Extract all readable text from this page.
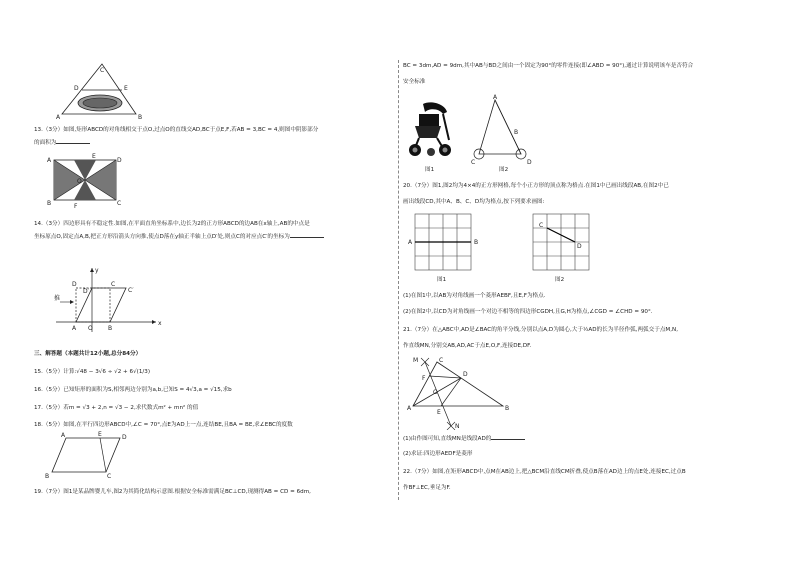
C
D	E
A	B
13.（3分）如图,矩形ABCD的对角线相交于点O,过点O的直线交AD,BC于点E,F,若AB = 3,BC = 4,则图中阴影部分
的面积为
A	D
B	C
E
F
O
14.（3分）四边形具有不稳定性.如图,在平面直角坐标系中,边长为2的正方形ABCD的边AB在x轴上,AB的中点是
坐标原点O,固定点A,B,把正方形沿箭头方向推,使点D落在y轴正半轴上点D′处,则点C的对应点C′的坐标为
推
x
y
A	B
O
D	C
D′	C′
三、解答题（本题共计12小题,总分84分）
15.（5分）计算:√48 − 3√6 ÷ √2 + 6√(1/3)
16.（5分）已知矩形的面积为S,相邻两边分别为a,b,已知S = 4√3,a = √15,求b
17.（5分）若m = √3 + 2,n = √3 − 2,求代数式m² + mn² 的值
18.（5分）如图,在平行四边形ABCD中,∠C = 70°,点E为AD上一点,连结BE,且BA = BE,求∠EBC的度数
A	E	D
B	C
19.（7分）图1是某品牌婴儿车,图2为其简化结构示意图.根据安全标准需满足BC⊥CD,现测得AB = CD = 6dm,
BC = 3dm,AD = 9dm,其中AB与BD之间由一个固定为90°的零件连接(即∠ABD = 90°),通过计算说明该车是否符合
安全标准
图1
A
B
C	D
图2
20.（7分）图1,图2均为4×4的正方形网格,每个小正方形的顶点称为格点.在图1中已画出线段AB,在图2中已
画出线段CD,其中A、B、C、D均为格点,按下列要求画图:
A	B
图1
C
D
图2
(1)在图1中,以AB为对角线画一个菱形AEBF,且E,F为格点.
(2)在图2中,以CD为对角线画一个对边不相等的四边形CGDH,且G,H为格点,∠CGD = ∠CHD = 90°.
21.（7分）在△ABC中,AD是∠BAC的角平分线,分别以点A,D为圆心,大于½AD的长为半径作弧,两弧交于点M,N,
作直线MN,分别交AB,AD,AC于点E,O,F,连接DE,DF.
M	C
D
F
O
E
A	B
N
(1)由作图可知,直线MN是线段AD的
(2)求证:四边形AEDF是菱形
22.（7分）如图,在矩形ABCD中,点M在AB边上,把△BCM沿直线CM折叠,使点B落在AD边上的点E处,连接EC,过点B
作BF⊥EC,垂足为F.
